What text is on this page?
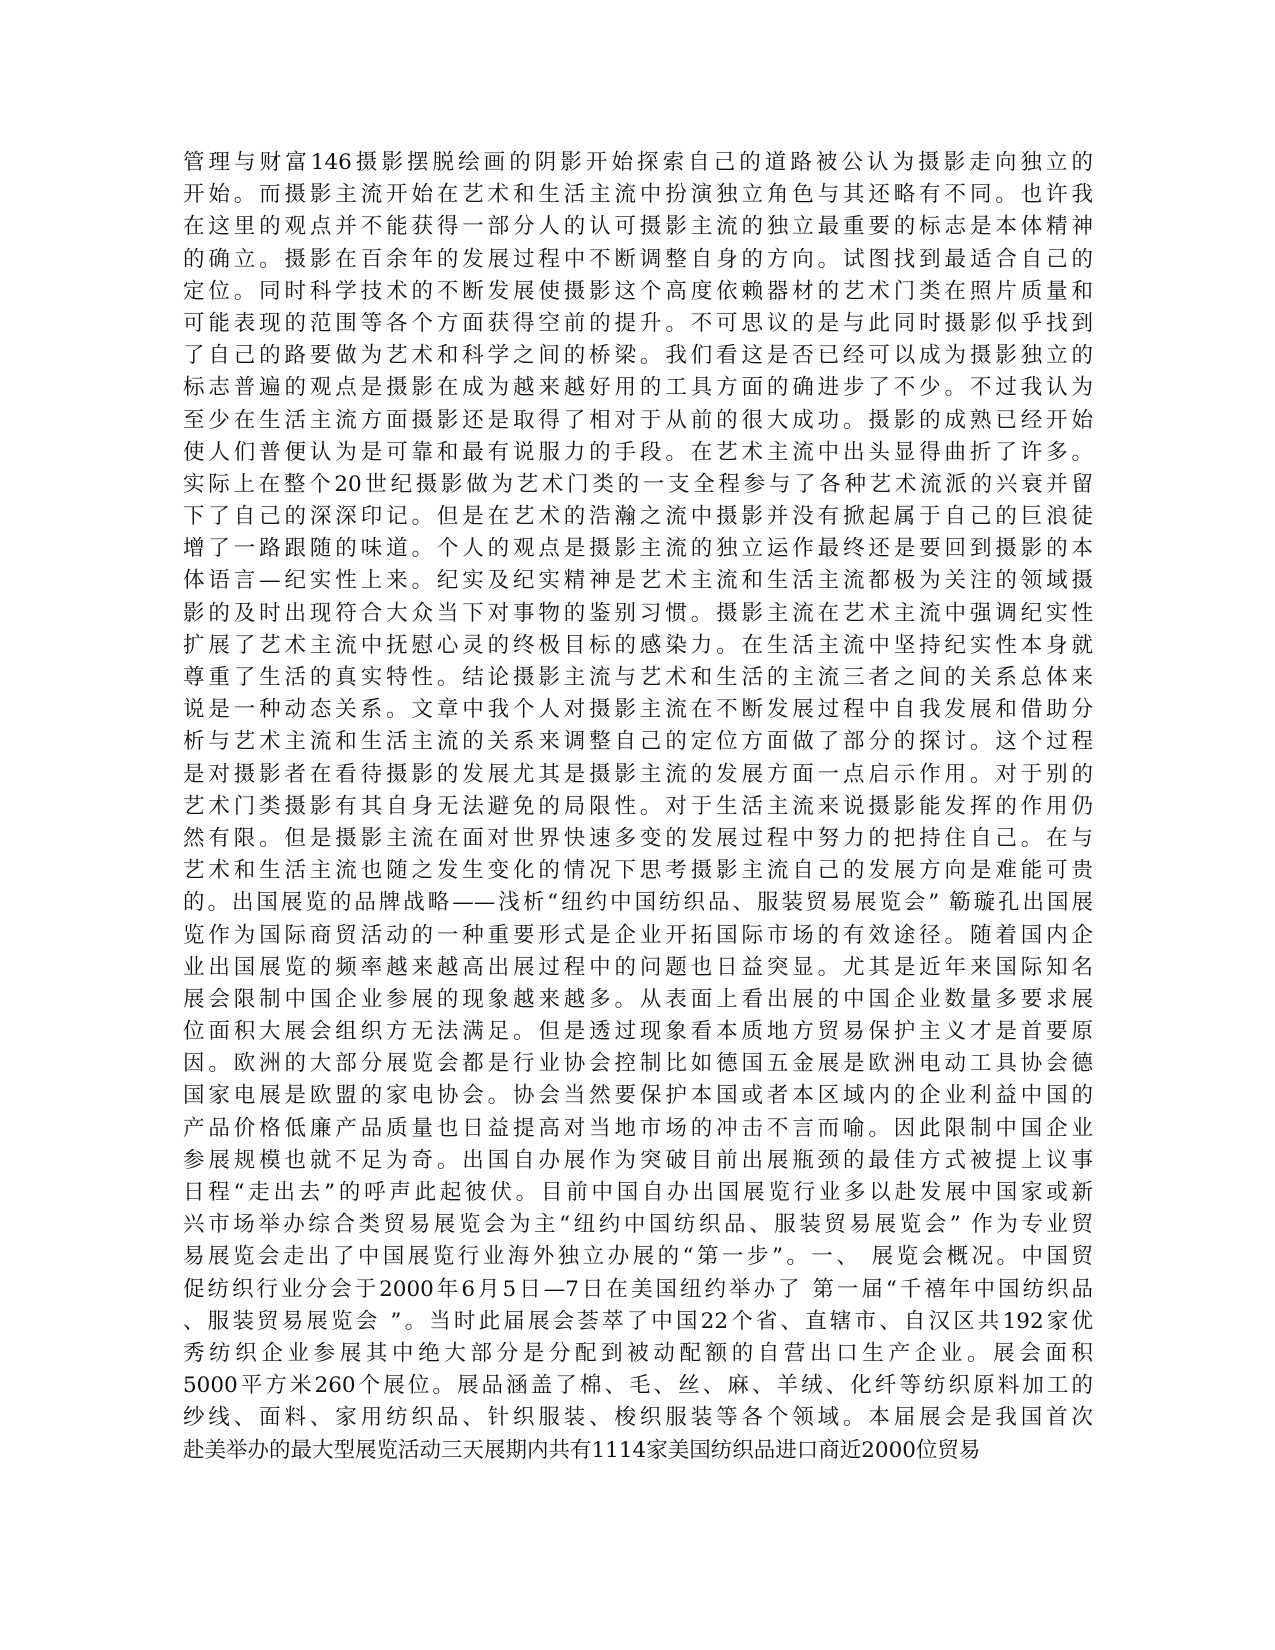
管理与财富146摄影摆脱绘画的阴影开始探索自己的道路被公认为摄影走向独立的
开始。而摄影主流开始在艺术和生活主流中扮演独立角色与其还略有不同。也许我
在这里的观点并不能获得一部分人的认可摄影主流的独立最重要的标志是本体精神
的确立。摄影在百余年的发展过程中不断调整自身的方向。试图找到最适合自己的
定位。同时科学技术的不断发展使摄影这个高度依赖器材的艺术门类在照片质量和
可能表现的范围等各个方面获得空前的提升。不可思议的是与此同时摄影似乎找到
了自己的路要做为艺术和科学之间的桥梁。我们看这是否已经可以成为摄影独立的
标志普遍的观点是摄影在成为越来越好用的工具方面的确进步了不少。不过我认为
至少在生活主流方面摄影还是取得了相对于从前的很大成功。摄影的成熟已经开始
使人们普便认为是可靠和最有说服力的手段。在艺术主流中出头显得曲折了许多。
实际上在整个20世纪摄影做为艺术门类的一支全程参与了各种艺术流派的兴衰并留
下了自己的深深印记。但是在艺术的浩瀚之流中摄影并没有掀起属于自己的巨浪徒
增了一路跟随的味道。个人的观点是摄影主流的独立运作最终还是要回到摄影的本
体语言—纪实性上来。纪实及纪实精神是艺术主流和生活主流都极为关注的领域摄
影的及时出现符合大众当下对事物的鉴别习惯。摄影主流在艺术主流中强调纪实性
扩展了艺术主流中抚慰心灵的终极目标的感染力。在生活主流中坚持纪实性本身就
尊重了生活的真实特性。结论摄影主流与艺术和生活的主流三者之间的关系总体来
说是一种动态关系。文章中我个人对摄影主流在不断发展过程中自我发展和借助分
析与艺术主流和生活主流的关系来调整自己的定位方面做了部分的探讨。这个过程
是对摄影者在看待摄影的发展尤其是摄影主流的发展方面一点启示作用。对于别的
艺术门类摄影有其自身无法避免的局限性。对于生活主流来说摄影能发挥的作用仍
然有限。但是摄影主流在面对世界快速多变的发展过程中努力的把持住自己。在与
艺术和生活主流也随之发生变化的情况下思考摄影主流自己的发展方向是难能可贵
的。出国展览的品牌战略——浅析“纽约中国纺织品、服装贸易展览会” 簕璇孔出国展
览作为国际商贸活动的一种重要形式是企业开拓国际市场的有效途径。随着国内企
业出国展览的频率越来越高出展过程中的问题也日益突显。尤其是近年来国际知名
展会限制中国企业参展的现象越来越多。从表面上看出展的中国企业数量多要求展
位面积大展会组织方无法满足。但是透过现象看本质地方贸易保护主义才是首要原
因。欧洲的大部分展览会都是行业协会控制比如德国五金展是欧洲电动工具协会德
国家电展是欧盟的家电协会。协会当然要保护本国或者本区域内的企业利益中国的
产品价格低廉产品质量也日益提高对当地市场的冲击不言而喻。因此限制中国企业
参展规模也就不足为奇。出国自办展作为突破目前出展瓶颈的最佳方式被提上议事
日程“走出去”的呼声此起彼伏。目前中国自办出国展览行业多以赴发展中国家或新
兴市场举办综合类贸易展览会为主“纽约中国纺织品、服装贸易展览会” 作为专业贸
易展览会走出了中国展览行业海外独立办展的“第一步”。一、 展览会概况。中国贸
促纺织行业分会于2000年6月5日—7日在美国纽约举办了 第一届“千禧年中国纺织品
、服装贸易展览会 ”。当时此届展会荟萃了中国22个省、直辖市、自汉区共192家优
秀纺织企业参展其中绝大部分是分配到被动配额的自营出口生产企业。展会面积
5000平方米260个展位。展品涵盖了棉、毛、丝、麻、羊绒、化纤等纺织原料加工的
纱线、面料、家用纺织品、针织服装、梭织服装等各个领域。本届展会是我国首次
赴美举办的最大型展览活动三天展期内共有1114家美国纺织品进口商近2000位贸易
